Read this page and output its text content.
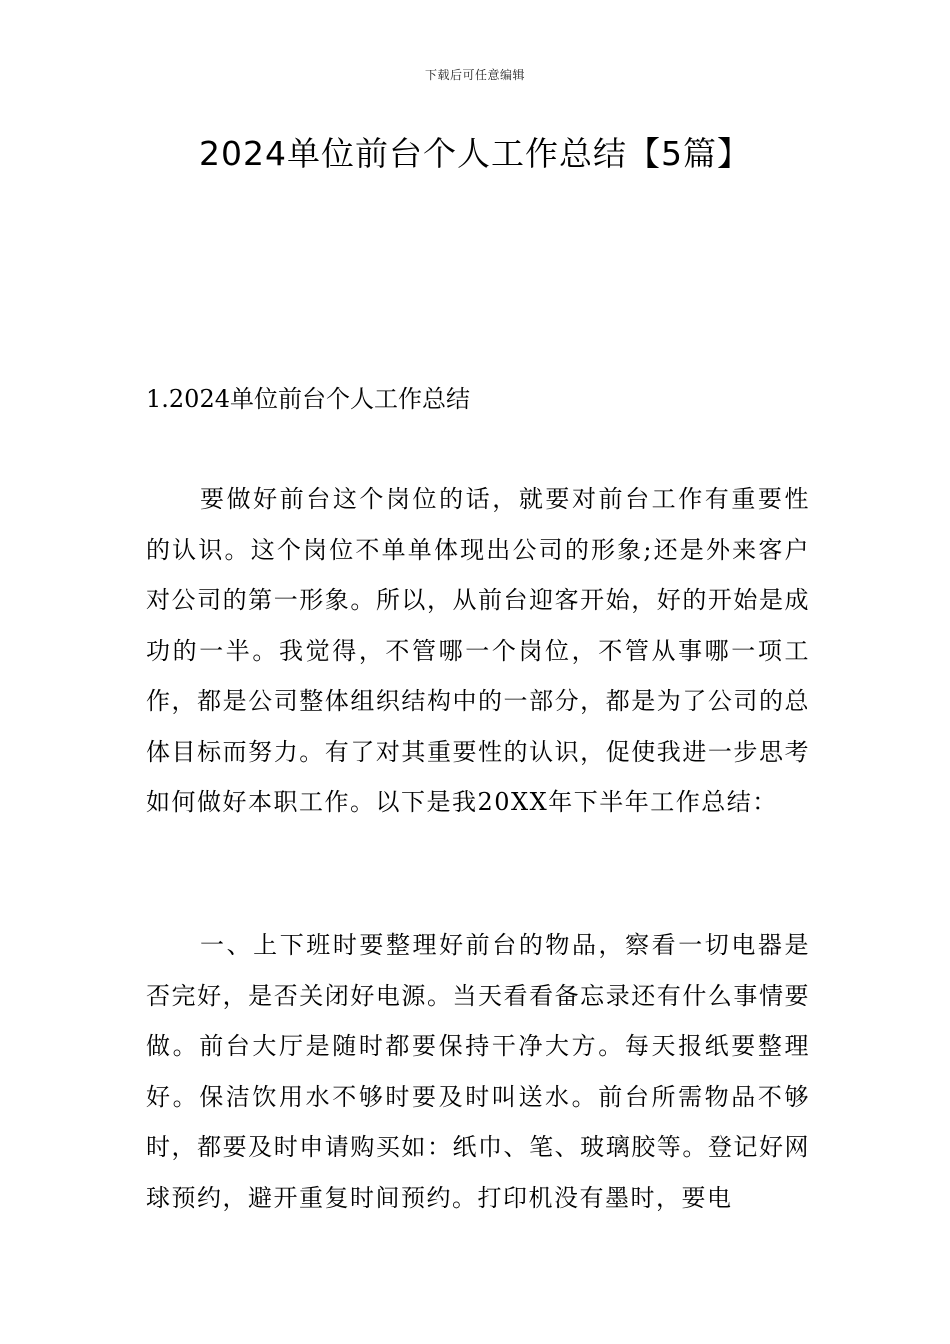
下载后可任意编辑
2024单位前台个人工作总结【5篇】
1.2024单位前台个人工作总结

要做好前台这个岗位的话，就要对前台工作有重要性的认识。这个岗位不单单体现出公司的形象;还是外来客户对公司的第一形象。所以，从前台迎客开始，好的开始是成功的一半。我觉得，不管哪一个岗位，不管从事哪一项工作，都是公司整体组织结构中的一部分，都是为了公司的总体目标而努力。有了对其重要性的认识，促使我进一步思考如何做好本职工作。以下是我20XX年下半年工作总结：

一、上下班时要整理好前台的物品，察看一切电器是否完好，是否关闭好电源。当天看看备忘录还有什么事情要做。前台大厅是随时都要保持干净大方。每天报纸要整理好。保洁饮用水不够时要及时叫送水。前台所需物品不够时，都要及时申请购买如：纸巾、笔、玻璃胶等。登记好网球预约，避开重复时间预约。打印机没有墨时，要电
